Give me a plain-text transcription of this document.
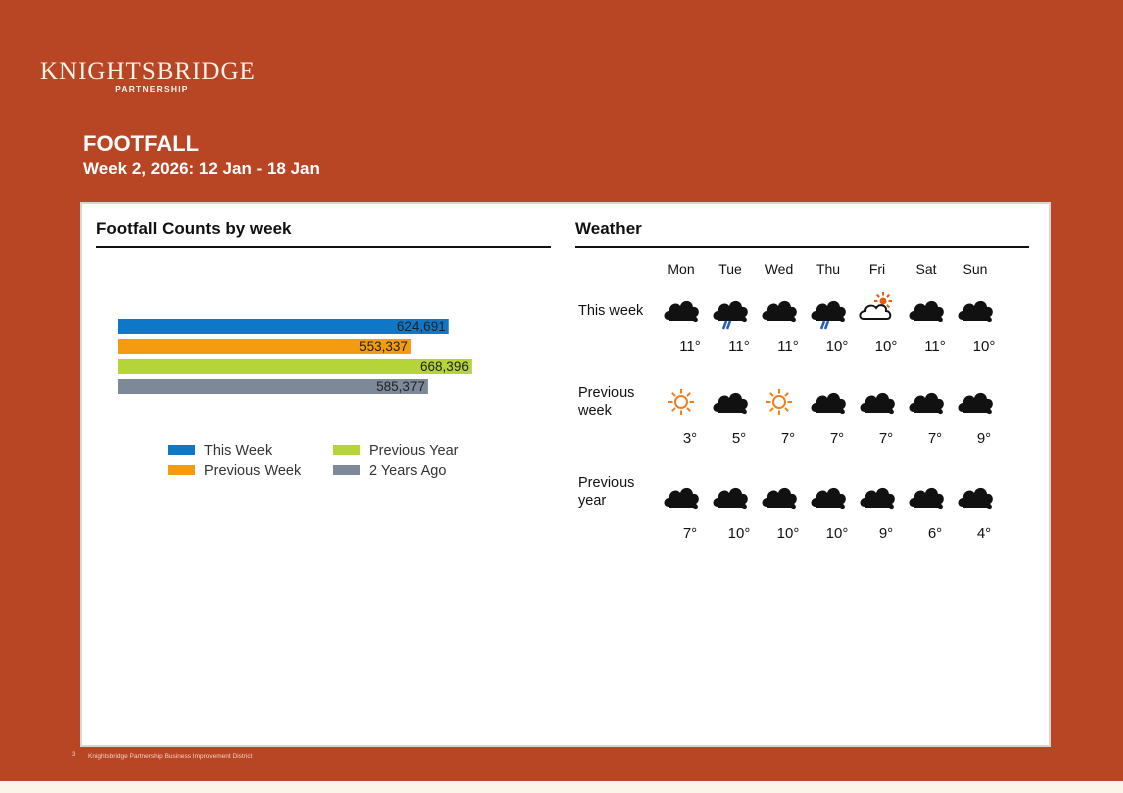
KNIGHTSBRIDGE
PARTNERSHIP
FOOTFALL
Week 2, 2026: 12 Jan - 18 Jan
Footfall Counts by week
624,691
553,337
668,396
585,377
This Week
Previous Week
Previous Year
2 Years Ago
Weather
Mon	Tue	Wed	Thu	Fri	Sat	Sun
This week
11°	11°	11°	10°	10°	11°	10°
Previous week
3°	5°	7°	7°	7°	7°	9°
Previous year
7°	10°	10°	10°	9°	6°	4°
3 Knightsbridge Partnership Business Improvement District
